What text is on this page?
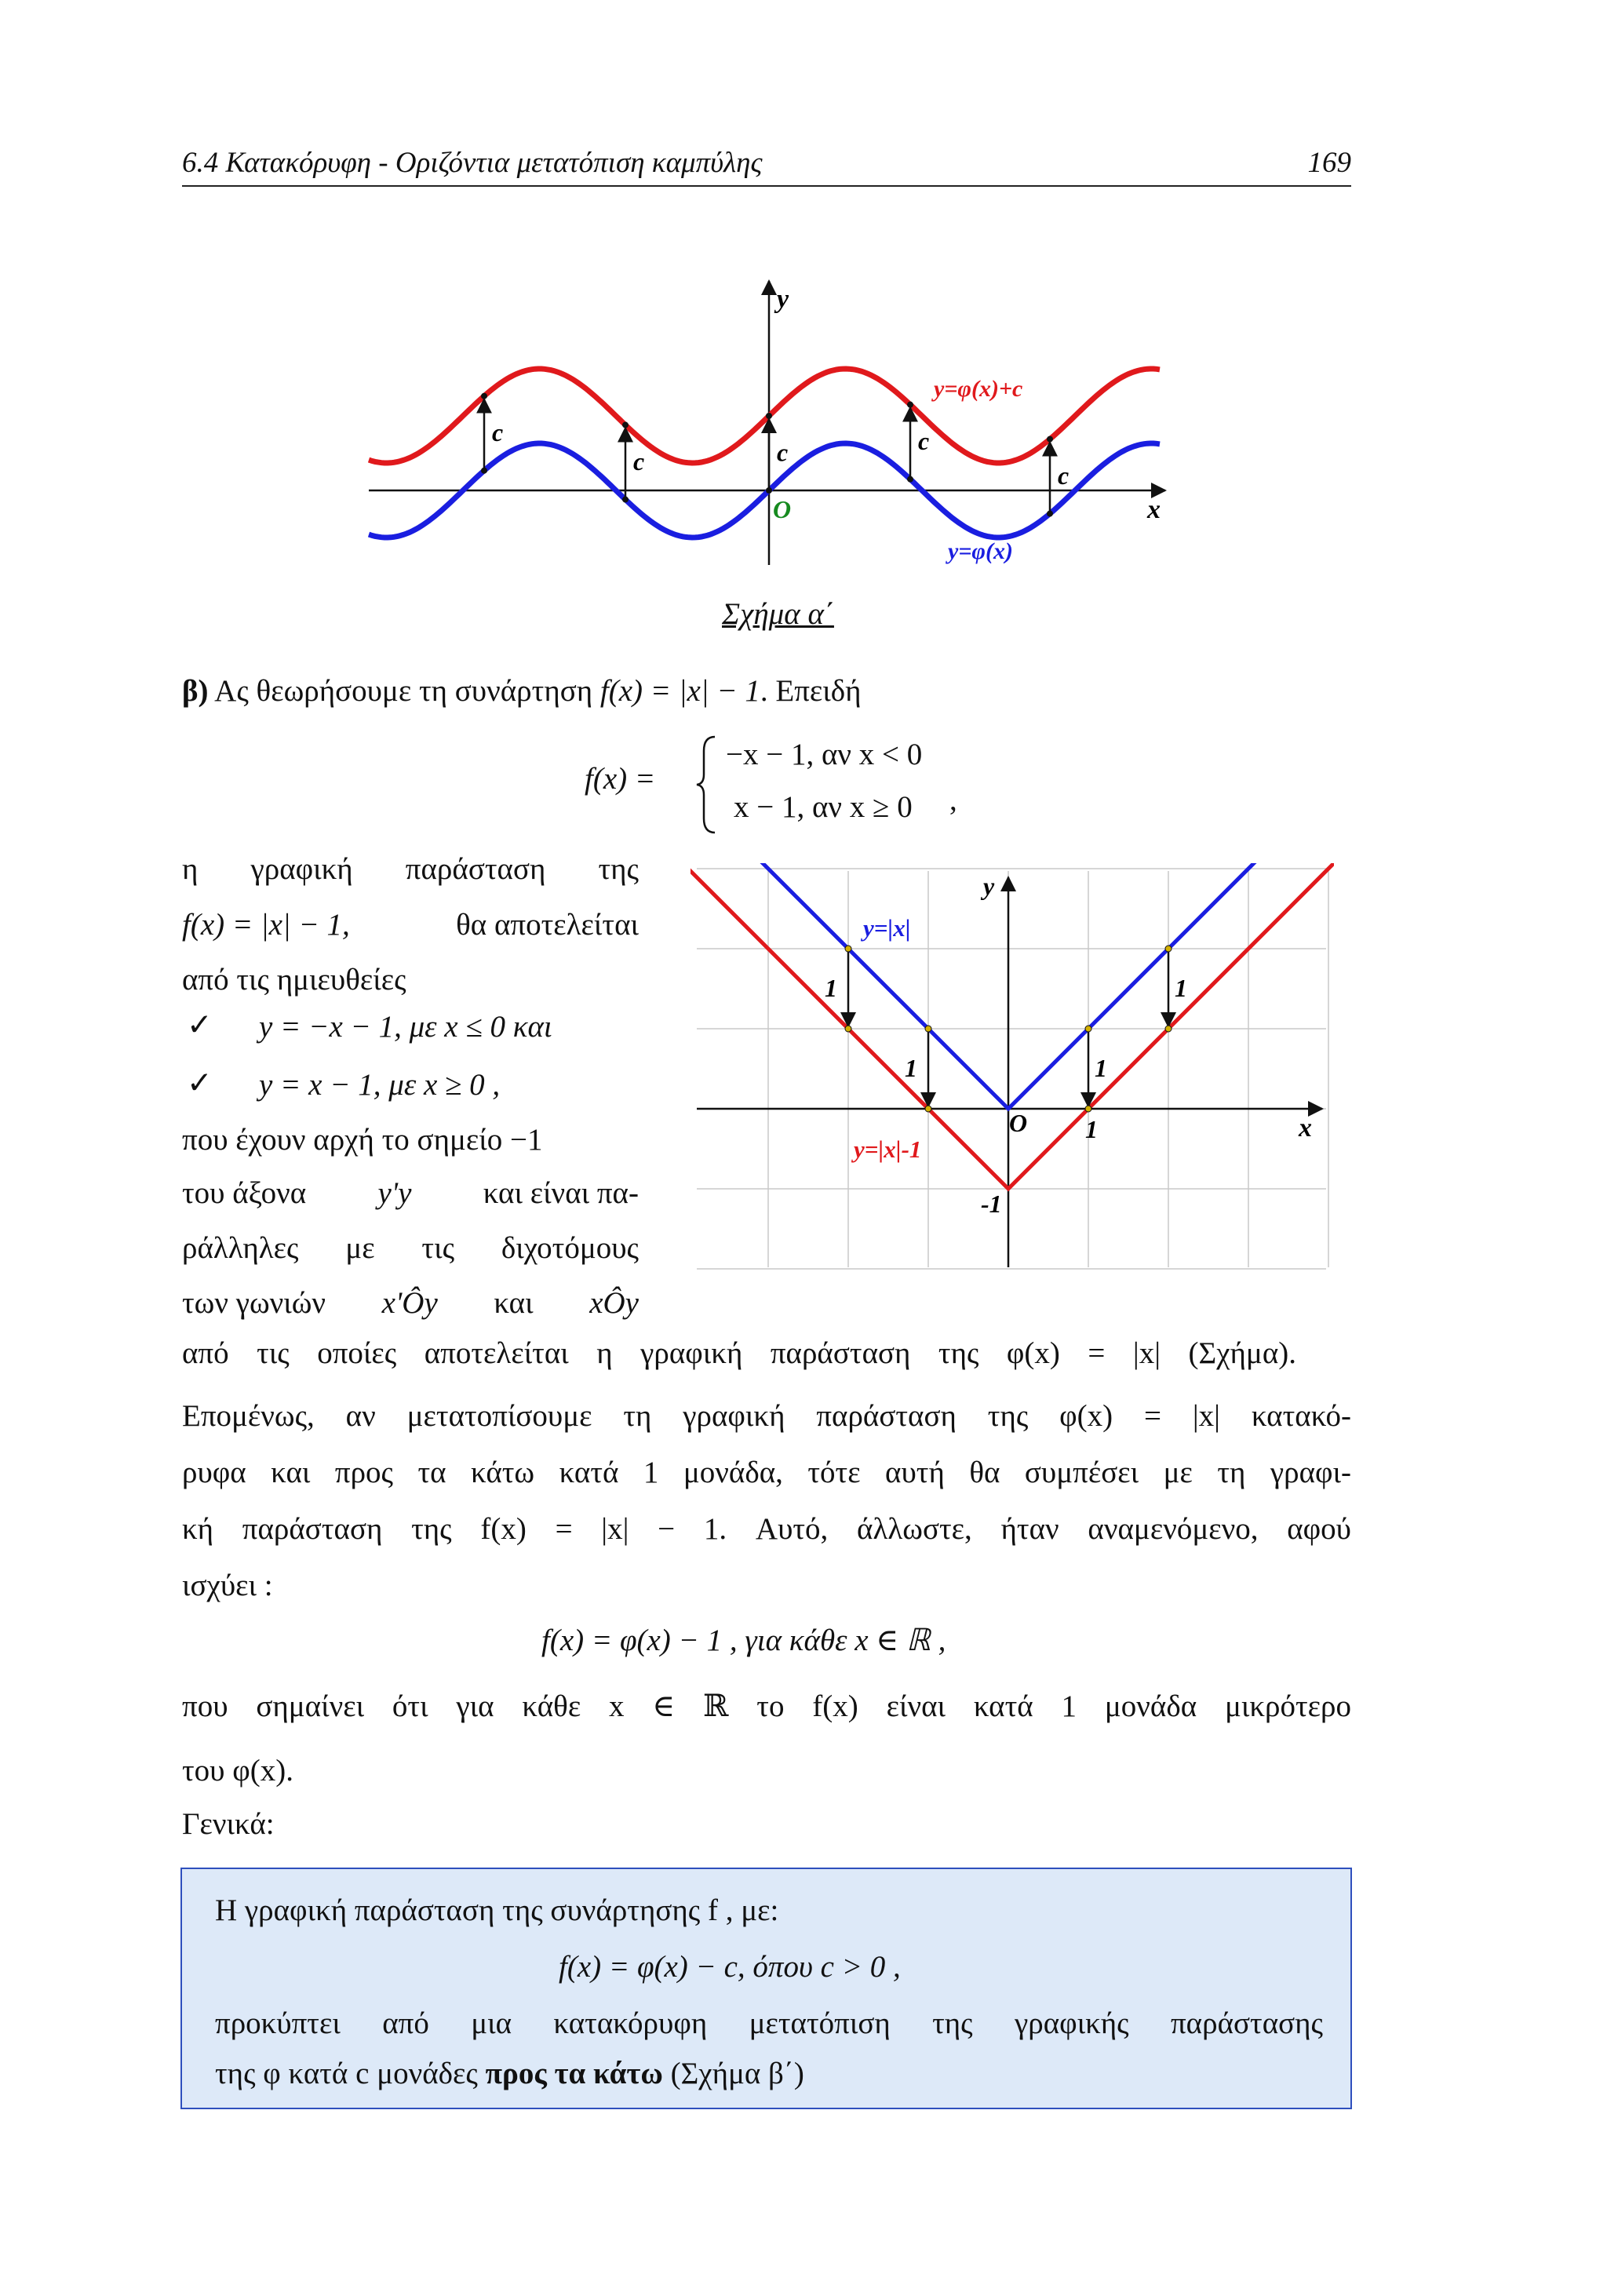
6.4 Κατακόρυφη - Οριζόντια μετατόπιση καμπύλης	169
c
c	c	c
c
y
x
O
y=φ(x)+c
y=φ(x)
Σχήμα α΄
β) Ας θεωρήσουμε τη συνάρτηση f(x) = |x| − 1. Επειδή
f(x) =
−x − 1, αν x < 0
x − 1, αν x ≥ 0 ,
η γραφική παράσταση της
f(x) = |x| − 1,	θα αποτελείται
από τις ημιευθείες
✓ y = −x − 1, με x ≤ 0 και
✓ y = x − 1, με x ≥ 0 ,
που έχουν αρχή το σημείο −1
του άξονα y'y και είναι πα-
ράλληλες με τις διχοτόμους
των γωνιών x'Ôy και xÔy
1
1	1
1
y
x
O 1
-1
y=|x|
y=|x|-1
από τις οποίες αποτελείται η γραφική παράσταση της φ(x) = |x| (Σχήμα).
Επομένως, αν μετατοπίσουμε τη γραφική παράσταση της φ(x) = |x| κατακό-
ρυφα και προς τα κάτω κατά 1 μονάδα, τότε αυτή θα συμπέσει με τη γραφι-
κή παράσταση της f(x) = |x| − 1. Αυτό, άλλωστε, ήταν αναμενόμενο, αφού
ισχύει :
f(x) = φ(x) − 1 , για κάθε x ∈ ℝ ,
που σημαίνει ότι για κάθε x ∈ ℝ το f(x) είναι κατά 1 μονάδα μικρότερο
του φ(x).
Γενικά:
Η γραφική παράσταση της συνάρτησης f , με:
f(x) = φ(x) − c, όπου c > 0 ,
προκύπτει από μια κατακόρυφη μετατόπιση της γραφικής παράστασης
της φ κατά c μονάδες προς τα κάτω (Σχήμα β΄)
